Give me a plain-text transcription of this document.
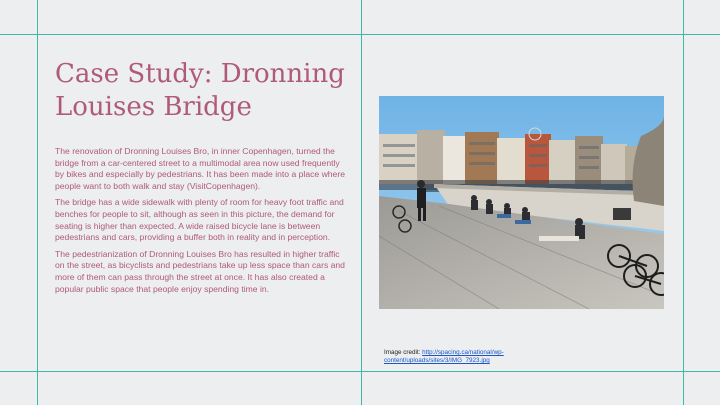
Case Study: Dronning Louises Bridge

The renovation of Dronning Louises Bro, in inner Copenhagen, turned the bridge from a car-centered street to a multimodal area now used frequently by bikes and especially by pedestrians. It has been made into a place where people want to both walk and stay (VisitCopenhagen).

The bridge has a wide sidewalk with plenty of room for heavy foot traffic and benches for people to sit, although as seen in this picture, the demand for seating is higher than expected. A wide raised bicycle lane is between pedestrians and cars, providing a buffer both in reality and in perception.

The pedestrianization of Dronning Louises Bro has resulted in higher traffic on the street, as bicyclists and pedestrians take up less space than cars and more of them can pass through the street at once. It has also created a popular public space that people enjoy spending time in.

Image credit: http://spacing.ca/national/wp-content/uploads/sites/3/IMG_7923.jpg
